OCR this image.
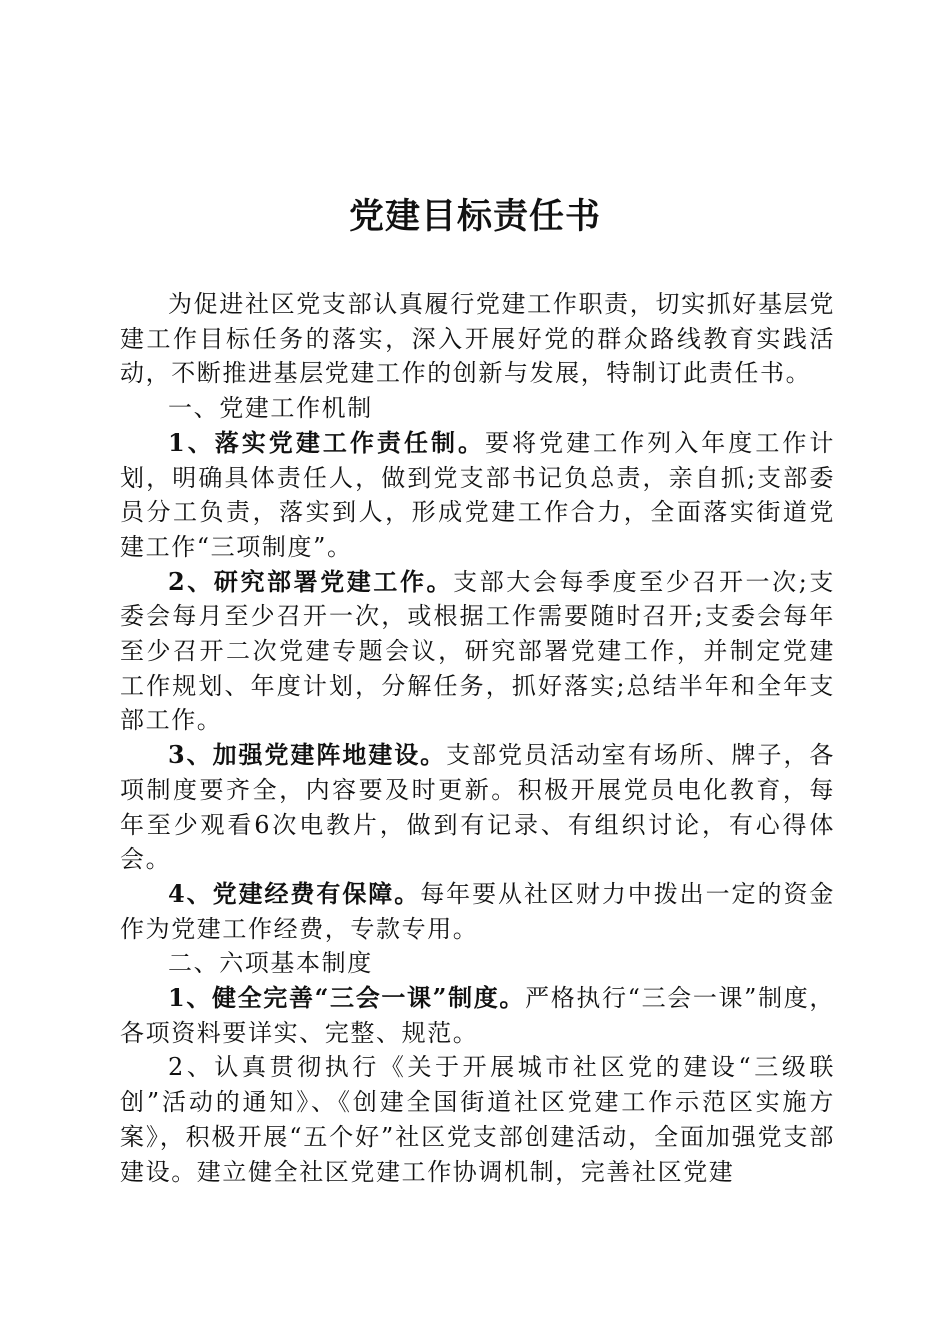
党建目标责任书

为促进社区党支部认真履行党建工作职责，切实抓好基层党建工作目标任务的落实，深入开展好党的群众路线教育实践活动，不断推进基层党建工作的创新与发展，特制订此责任书。

一、党建工作机制

1、落实党建工作责任制。要将党建工作列入年度工作计划，明确具体责任人，做到党支部书记负总责，亲自抓;支部委员分工负责，落实到人，形成党建工作合力，全面落实街道党建工作“三项制度”。

2、研究部署党建工作。支部大会每季度至少召开一次;支委会每月至少召开一次，或根据工作需要随时召开;支委会每年至少召开二次党建专题会议，研究部署党建工作，并制定党建工作规划、年度计划，分解任务，抓好落实;总结半年和全年支部工作。

3、加强党建阵地建设。支部党员活动室有场所、牌子，各项制度要齐全，内容要及时更新。积极开展党员电化教育，每年至少观看6次电教片，做到有记录、有组织讨论，有心得体会。

4、党建经费有保障。每年要从社区财力中拨出一定的资金作为党建工作经费，专款专用。

二、六项基本制度

1、健全完善“三会一课”制度。严格执行“三会一课”制度，各项资料要详实、完整、规范。

2、认真贯彻执行《关于开展城市社区党的建设“三级联创”活动的通知》、《创建全国街道社区党建工作示范区实施方案》，积极开展“五个好”社区党支部创建活动，全面加强党支部建设。建立健全社区党建工作协调机制，完善社区党建
